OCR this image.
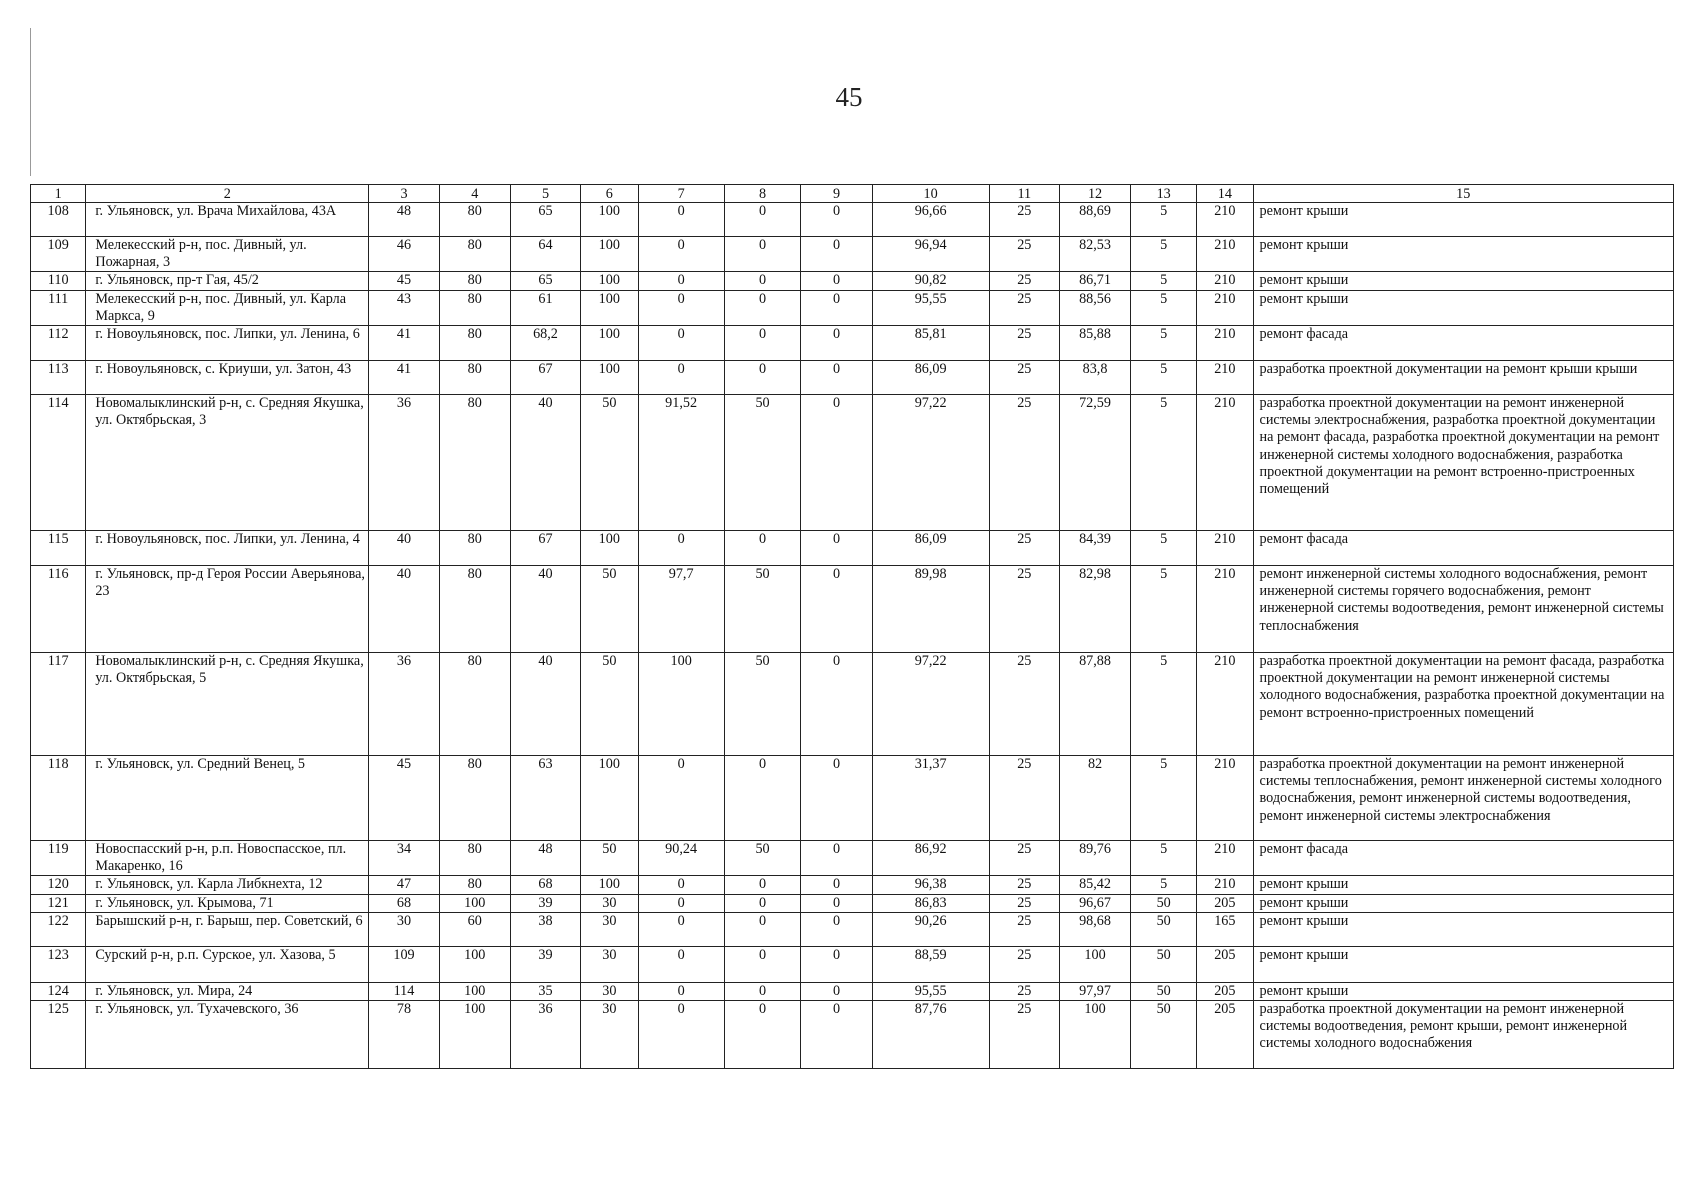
45
1	2	3	4	5	6	7	8	9	10	11	12	13	14	15
108	г. Ульяновск, ул. Врача Михайлова, 43А	48	80	65	100	0	0	0	96,66	25	88,69	5	210	ремонт крыши
109	Мелекесский р-н, пос. Дивный, ул. Пожарная, 3	46	80	64	100	0	0	0	96,94	25	82,53	5	210	ремонт крыши
110	г. Ульяновск, пр-т Гая, 45/2	45	80	65	100	0	0	0	90,82	25	86,71	5	210	ремонт крыши
111	Мелекесский р-н, пос. Дивный, ул. Карла Маркса, 9	43	80	61	100	0	0	0	95,55	25	88,56	5	210	ремонт крыши
112	г. Новоульяновск, пос. Липки, ул. Ленина, 6	41	80	68,2	100	0	0	0	85,81	25	85,88	5	210	ремонт фасада
113	г. Новоульяновск, с. Криуши, ул. Затон, 43	41	80	67	100	0	0	0	86,09	25	83,8	5	210	разработка проектной документации на ремонт крыши крыши
114	Новомалыклинский р-н, с. Средняя Якушка, ул. Октябрьская, 3	36	80	40	50	91,52	50	0	97,22	25	72,59	5	210	разработка проектной документации на ремонт инженерной системы электроснабжения, разработка проектной документации на ремонт фасада, разработка проектной документации на ремонт инженерной системы холодного водоснабжения, разработка проектной документации на ремонт встроенно-пристроенных помещений
115	г. Новоульяновск, пос. Липки, ул. Ленина, 4	40	80	67	100	0	0	0	86,09	25	84,39	5	210	ремонт фасада
116	г. Ульяновск, пр-д Героя России Аверьянова, 23	40	80	40	50	97,7	50	0	89,98	25	82,98	5	210	ремонт инженерной системы холодного водоснабжения, ремонт инженерной системы горячего водоснабжения, ремонт инженерной системы водоотведения, ремонт инженерной системы теплоснабжения
117	Новомалыклинский р-н, с. Средняя Якушка, ул. Октябрьская, 5	36	80	40	50	100	50	0	97,22	25	87,88	5	210	разработка проектной документации на ремонт фасада, разработка проектной документации на ремонт инженерной системы холодного водоснабжения, разработка проектной документации на ремонт встроенно-пристроенных помещений
118	г. Ульяновск, ул. Средний Венец, 5	45	80	63	100	0	0	0	31,37	25	82	5	210	разработка проектной документации на ремонт инженерной системы теплоснабжения, ремонт инженерной системы холодного водоснабжения, ремонт инженерной системы водоотведения, ремонт инженерной системы электроснабжения
119	Новоспасский р-н, р.п. Новоспасское, пл. Макаренко, 16	34	80	48	50	90,24	50	0	86,92	25	89,76	5	210	ремонт фасада
120	г. Ульяновск, ул. Карла Либкнехта, 12	47	80	68	100	0	0	0	96,38	25	85,42	5	210	ремонт крыши
121	г. Ульяновск, ул. Крымова, 71	68	100	39	30	0	0	0	86,83	25	96,67	50	205	ремонт крыши
122	Барышский р-н, г. Барыш, пер. Советский, 6	30	60	38	30	0	0	0	90,26	25	98,68	50	165	ремонт крыши
123	Сурский р-н, р.п. Сурское, ул. Хазова, 5	109	100	39	30	0	0	0	88,59	25	100	50	205	ремонт крыши
124	г. Ульяновск, ул. Мира, 24	114	100	35	30	0	0	0	95,55	25	97,97	50	205	ремонт крыши
125	г. Ульяновск, ул. Тухачевского, 36	78	100	36	30	0	0	0	87,76	25	100	50	205	разработка проектной документации на ремонт инженерной системы водоотведения, ремонт крыши, ремонт инженерной системы холодного водоснабжения
